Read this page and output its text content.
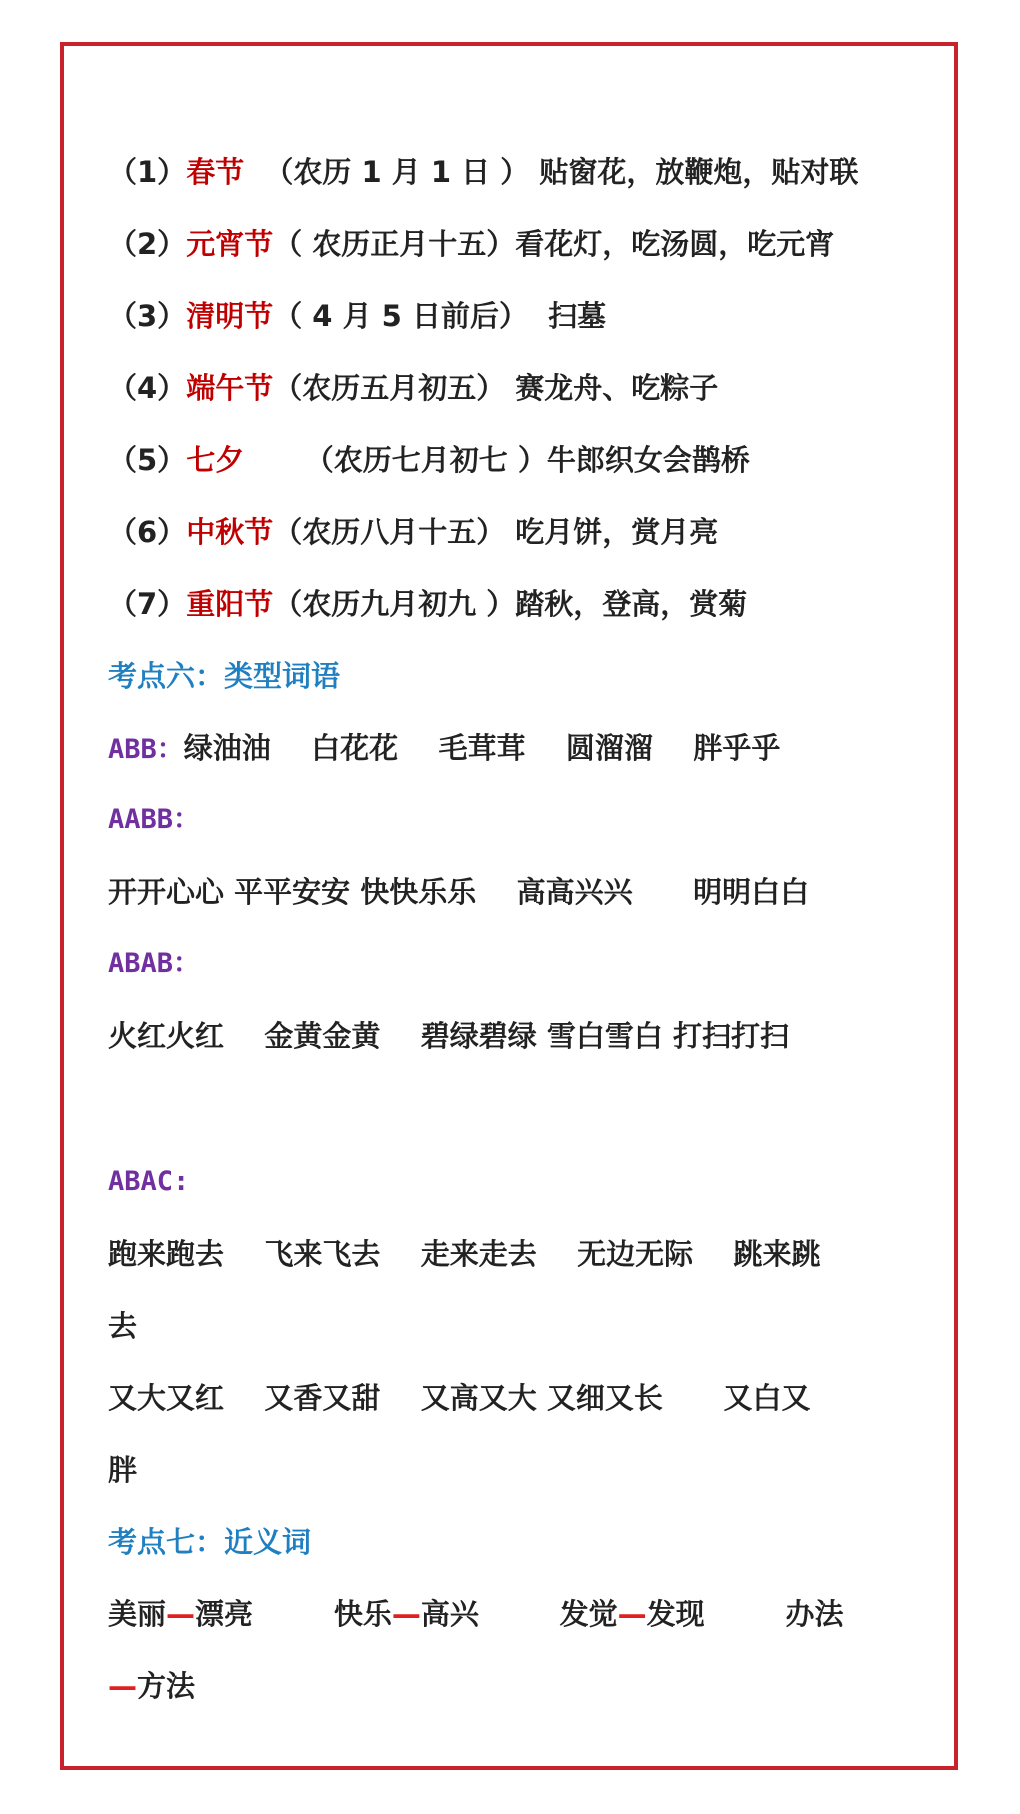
（1）春节  （农历 1 月 1 日 ） 贴窗花，放鞭炮，贴对联
（2）元宵节（ 农历正月十五）看花灯，吃汤圆，吃元宵
（3）清明节（ 4 月 5 日前后）  扫墓
（4）端午节（农历五月初五） 赛龙舟、吃粽子
（5）七夕      （农历七月初七 ）牛郎织女会鹊桥
（6）中秋节（农历八月十五） 吃月饼，赏月亮
（7）重阳节（农历九月初九 ）踏秋，登高，赏菊
考点六：类型词语
ABB：绿油油    白花花    毛茸茸    圆溜溜    胖乎乎
AABB：
开开心心 平平安安 快快乐乐    高高兴兴      明明白白
ABAB：
火红火红    金黄金黄    碧绿碧绿 雪白雪白 打扫打扫
ABAC:
跑来跑去    飞来飞去    走来走去    无边无际    跳来跳
去
又大又红    又香又甜    又高又大 又细又长      又白又
胖
考点七：近义词
美丽—漂亮	快乐—高兴	发觉—发现	办法
—方法
